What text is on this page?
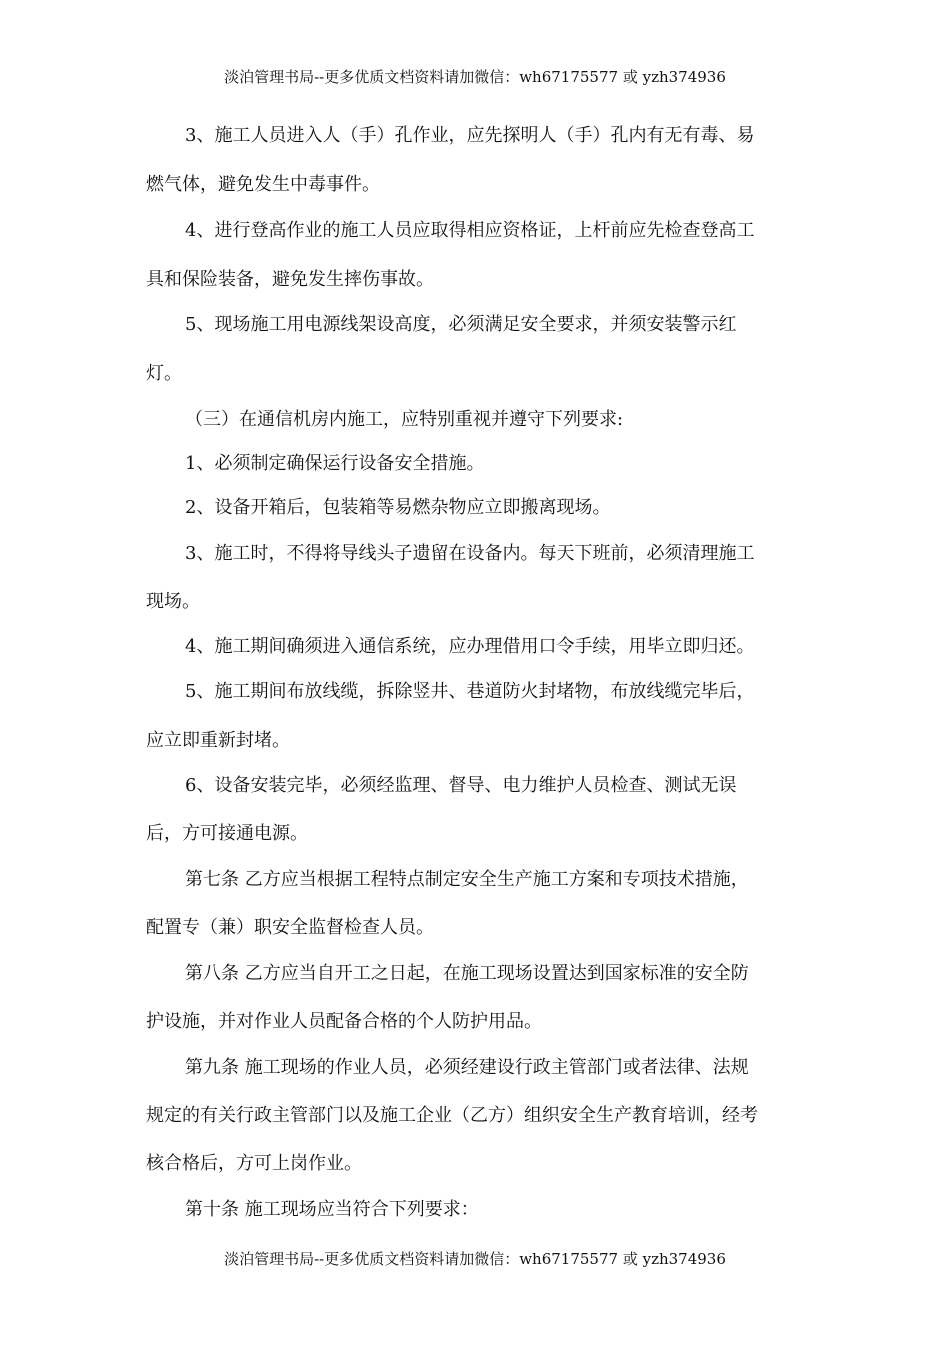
淡泊管理书局--更多优质文档资料请加微信：wh67175577 或 yzh374936
3、施工人员进入人（手）孔作业，应先探明人（手）孔内有无有毒、易
燃气体，避免发生中毒事件。
4、进行登高作业的施工人员应取得相应资格证，上杆前应先检查登高工
具和保险装备，避免发生摔伤事故。
5、现场施工用电源线架设高度，必须满足安全要求，并须安装警示红
灯。
（三）在通信机房内施工，应特别重视并遵守下列要求:
1、必须制定确保运行设备安全措施。
2、设备开箱后，包装箱等易燃杂物应立即搬离现场。
3、施工时，不得将导线头子遗留在设备内。每天下班前，必须清理施工
现场。
4、施工期间确须进入通信系统，应办理借用口令手续，用毕立即归还。
5、施工期间布放线缆，拆除竖井、巷道防火封堵物，布放线缆完毕后，
应立即重新封堵。
6、设备安装完毕，必须经监理、督导、电力维护人员检查、测试无误
后，方可接通电源。
第七条 乙方应当根据工程特点制定安全生产施工方案和专项技术措施，
配置专（兼）职安全监督检查人员。
第八条 乙方应当自开工之日起，在施工现场设置达到国家标准的安全防
护设施，并对作业人员配备合格的个人防护用品。
第九条 施工现场的作业人员，必须经建设行政主管部门或者法律、法规
规定的有关行政主管部门以及施工企业（乙方）组织安全生产教育培训，经考
核合格后，方可上岗作业。
第十条 施工现场应当符合下列要求：
淡泊管理书局--更多优质文档资料请加微信：wh67175577 或 yzh374936
